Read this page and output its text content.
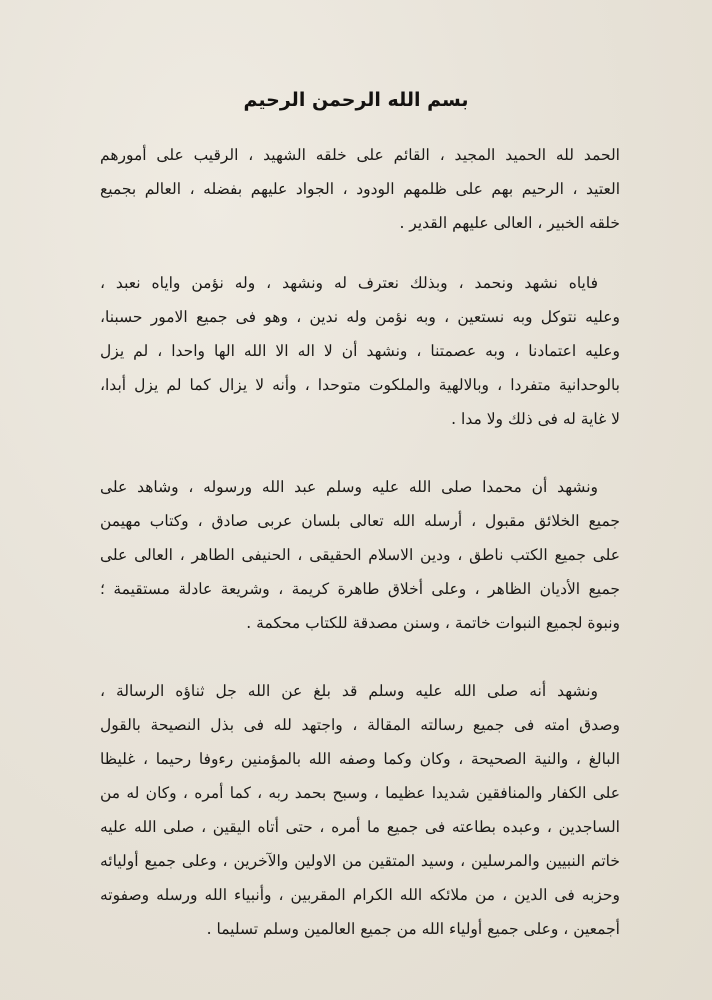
بسم الله الرحمن الرحيم
الحمد لله الحميد المجيد ، القائم على خلقه الشهيد ، الرقيب على أمورهم
العتيد ، الرحيم بهم على ظلمهم الودود ، الجواد عليهم بفضله ، العالم بجميع
خلقه الخبير ، العالى عليهم القدير .
فاياه نشهد ونحمد ، وبذلك نعترف له ونشهد ، وله نؤمن واياه نعبد ،
وعليه نتوكل وبه نستعين ، وبه نؤمن وله ندين ، وهو فى جميع الامور حسبنا،
وعليه اعتمادنا ، وبه عصمتنا ، ونشهد أن لا اله الا الله الها واحدا ، لم يزل
بالوحدانية متفردا ، وبالالهية والملكوت متوحدا ، وأنه لا يزال كما لم يزل أبدا،
لا غاية له فى ذلك ولا مدا .
ونشهد أن محمدا صلى الله عليه وسلم عبد الله ورسوله ، وشاهد على
جميع الخلائق مقبول ، أرسله الله تعالى بلسان عربى صادق ، وكتاب مهيمن
على جميع الكتب ناطق ، ودين الاسلام الحقيقى ، الحنيفى الطاهر ، العالى على
جميع الأديان الظاهر ، وعلى أخلاق طاهرة كريمة ، وشريعة عادلة مستقيمة ؛
ونبوة لجميع النبوات خاتمة ، وسنن مصدقة للكتاب محكمة .
ونشهد أنه صلى الله عليه وسلم قد بلغ عن الله جل ثناؤه الرسالة ،
وصدق امته فى جميع رسالته المقالة ، واجتهد لله فى بذل النصيحة بالقول
البالغ ، والنية الصحيحة ، وكان وكما وصفه الله بالمؤمنين رءوفا رحيما ، غليظا
على الكفار والمنافقين شديدا عظيما ، وسبح بحمد ربه ، كما أمره ، وكان له من
الساجدين ، وعبده بطاعته فى جميع ما أمره ، حتى أتاه اليقين ، صلى الله عليه
خاتم النبيين والمرسلين ، وسيد المتقين من الاولين والآخرين ، وعلى جميع أوليائه
وحزبه فى الدين ، من ملائكه الله الكرام المقربين ، وأنبياء الله ورسله وصفوته
أجمعين ، وعلى جميع أولياء الله من جميع العالمين وسلم تسليما .
